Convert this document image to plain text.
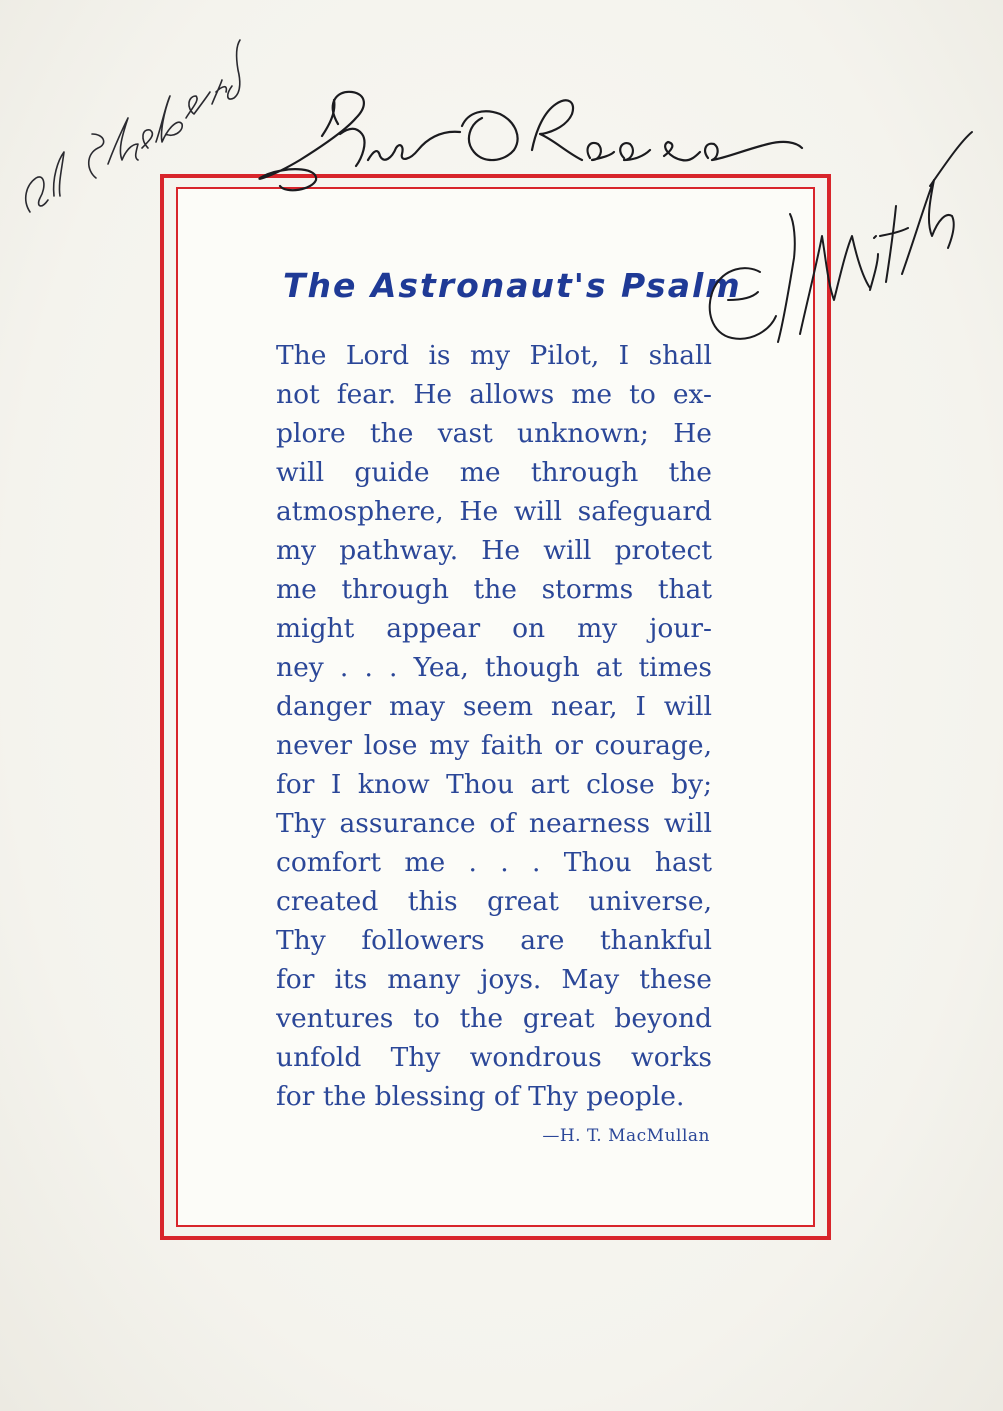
The Astronaut's Psalm
The Lord is my Pilot, I shall
not fear. He allows me to ex-
plore the vast unknown; He
will guide me through the
atmosphere, He will safeguard
my pathway. He will protect
me through the storms that
might appear on my jour-
ney . . . Yea, though at times
danger may seem near, I will
never lose my faith or courage,
for I know Thou art close by;
Thy assurance of nearness will
comfort me . . . Thou hast
created this great universe,
Thy followers are thankful
for its many joys. May these
ventures to the great beyond
unfold Thy wondrous works
for the blessing of Thy people.
—H. T. MacMullan
